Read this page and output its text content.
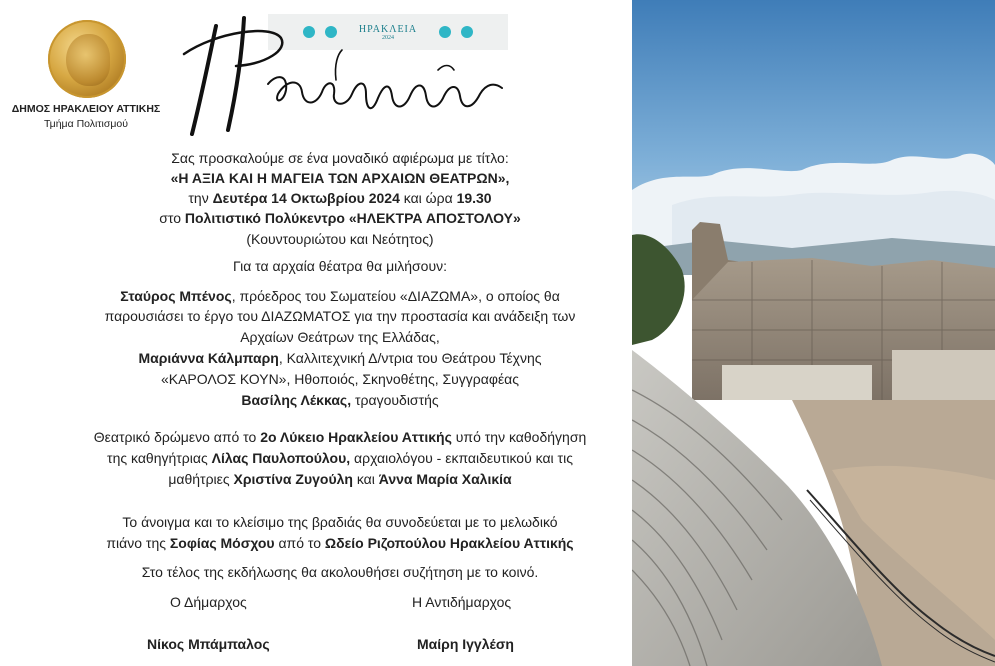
ΔΗΜΟΣ ΗΡΑΚΛΕΙΟΥ ΑΤΤΙΚΗΣ
Τμήμα Πολιτισμού
ΗΡΑΚΛΕΙΑ
2024
Σας προσκαλούμε σε ένα μοναδικό αφιέρωμα με τίτλο:
«Η ΑΞΙΑ ΚΑΙ Η ΜΑΓΕΙΑ ΤΩΝ ΑΡΧΑΙΩΝ ΘΕΑΤΡΩΝ»,
την Δευτέρα 14 Οκτωβρίου 2024 και ώρα 19.30
στο Πολιτιστικό Πολύκεντρο «ΗΛΕΚΤΡΑ ΑΠΟΣΤΟΛΟΥ»
(Κουντουριώτου και Νεότητος)
Για τα αρχαία θέατρα θα μιλήσουν:
Σταύρος Μπένος, πρόεδρος του Σωματείου «ΔΙΑΖΩΜΑ», ο οποίος θα
παρουσιάσει το έργο του ΔΙΑΖΩΜΑΤΟΣ για την προστασία και ανάδειξη των
Αρχαίων Θεάτρων της Ελλάδας,
Μαριάννα Κάλμπαρη, Καλλιτεχνική Δ/ντρια του Θεάτρου Τέχνης
«ΚΑΡΟΛΟΣ ΚΟΥΝ», Ηθοποιός, Σκηνοθέτης, Συγγραφέας
Βασίλης Λέκκας, τραγουδιστής
Θεατρικό δρώμενο από το 2ο Λύκειο Ηρακλείου Αττικής υπό την καθοδήγηση
της καθηγήτριας Λίλας Παυλοπούλου, αρχαιολόγου - εκπαιδευτικού και τις
μαθήτριες Χριστίνα Ζυγούλη και Άννα Μαρία Χαλικία
Το άνοιγμα και το κλείσιμο της βραδιάς θα συνοδεύεται με το μελωδικό
πιάνο της Σοφίας Μόσχου από το Ωδείο Ριζοπούλου Ηρακλείου Αττικής
Στο τέλος της εκδήλωσης θα ακολουθήσει συζήτηση με το κοινό.
Ο Δήμαρχος	Η Αντιδήμαρχος
Νίκος Μπάμπαλος	Μαίρη Ιγγλέση
